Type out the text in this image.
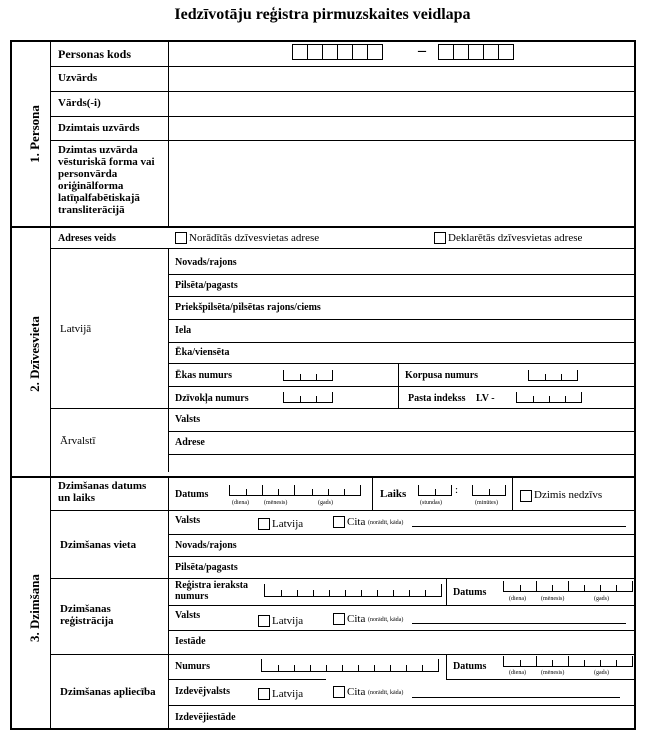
Iedzīvotāju reģistra pirmuzskaites veidlapa
1. Persona
Personas kods	–
Uzvārds
Vārds(-i)
Dzimtais uzvārds
Dzimtas uzvārda
vēsturiskā forma vai
personvārda
oriģinālforma
latīņalfabētiskajā
transliterācijā
2. Dzīvesvieta
Adreses veids	Norādītās dzīvesvietas adrese	Deklarētās dzīvesvietas adrese
Latvijā
Novads/rajons
Pilsēta/pagasts
Priekšpilsēta/pilsētas rajons/ciems
Iela
Ēka/viensēta
Ēkas numurs	Korpusa numurs
Dzīvokļa numurs	Pasta indekss LV -
Ārvalstī
Valsts
Adrese
3. Dzimšana
Dzimšanas datums
un laiks	Datums
(diena)	(mēnesis)	(gads)
Laiks	:
(stundas)	(minūtes)
Dzimis nedzīvs
Dzimšanas vieta
Valsts	Latvija	Cita (norādīt, kāda)
Novads/rajons
Pilsēta/pagasts
Dzimšanas
reģistrācija
Reģistra ieraksta
numurs	Datums
(diena)	(mēnesis)	(gads)
Valsts	Latvija	Cita (norādīt, kāda)
Iestāde
Dzimšanas apliecība
Numurs	Datums
(diena)	(mēnesis)	(gads)
Izdevējvalsts	Latvija	Cita (norādīt, kāda)
Izdevējiestāde
